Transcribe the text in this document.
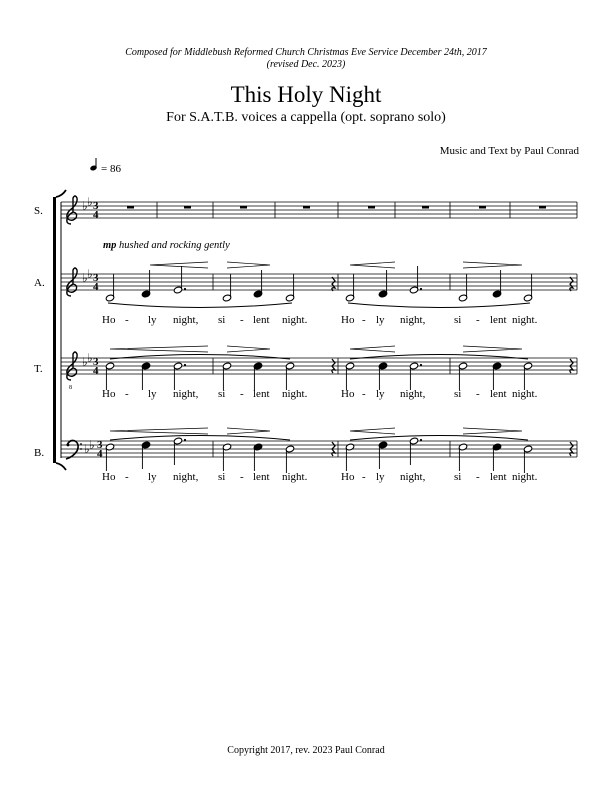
Composed for Middlebush Reformed Church Christmas Eve Service December 24th, 2017
(revised Dec. 2023)
This Holy Night
For S.A.T.B. voices a cappella (opt. soprano solo)
Music and Text by Paul Conrad
= 86
S.
A.
T.
B.
8
♭ ♭
♭ ♭
♭ ♭
♭ ♭
3
4
3
4
3
4
3
4
mp hushed and rocking gently
Ho - ly night, si - lent night.	Ho - ly night,	si - lent night.
Ho - ly night, si - lent night.	Ho - ly night,	si - lent night.
Ho - ly night, si - lent night.	Ho - ly night,	si - lent night.
Copyright 2017, rev. 2023 Paul Conrad
